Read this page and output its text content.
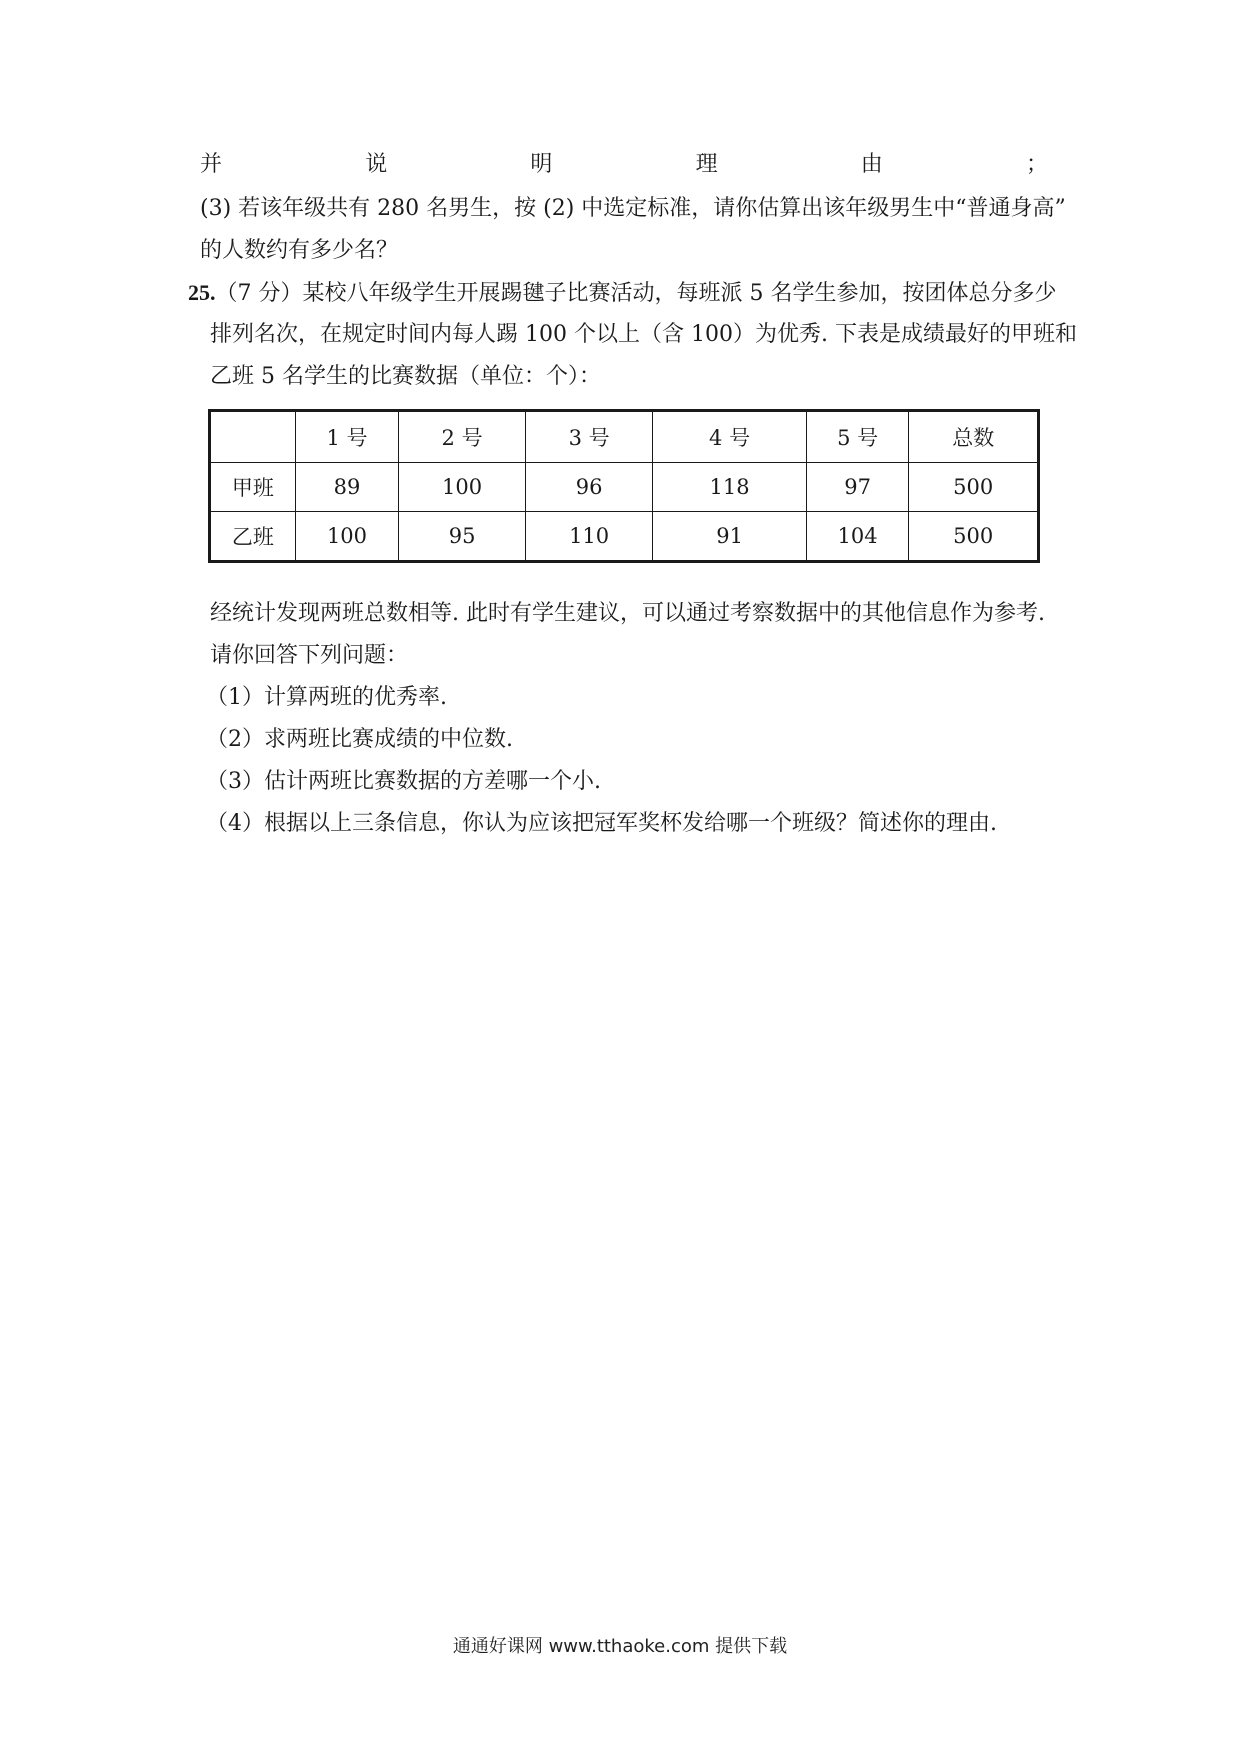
并	说	明	理	由	；
(3) 若该年级共有 280 名男生，按 (2) 中选定标准，请你估算出该年级男生中“普通身高”
的人数约有多少名？
25.（7 分）某校八年级学生开展踢毽子比赛活动，每班派 5 名学生参加，按团体总分多少
排列名次，在规定时间内每人踢 100 个以上（含 100）为优秀. 下表是成绩最好的甲班和
乙班 5 名学生的比赛数据（单位：个）：
	1 号	2 号	3 号	4 号	5 号	总数
甲班	89	100	96	118	97	500
乙班	100	95	110	91	104	500
经统计发现两班总数相等. 此时有学生建议，可以通过考察数据中的其他信息作为参考.
请你回答下列问题：
（1）计算两班的优秀率.
（2）求两班比赛成绩的中位数.
（3）估计两班比赛数据的方差哪一个小.
（4）根据以上三条信息，你认为应该把冠军奖杯发给哪一个班级？简述你的理由.
通通好课网 www.tthaoke.com 提供下载
